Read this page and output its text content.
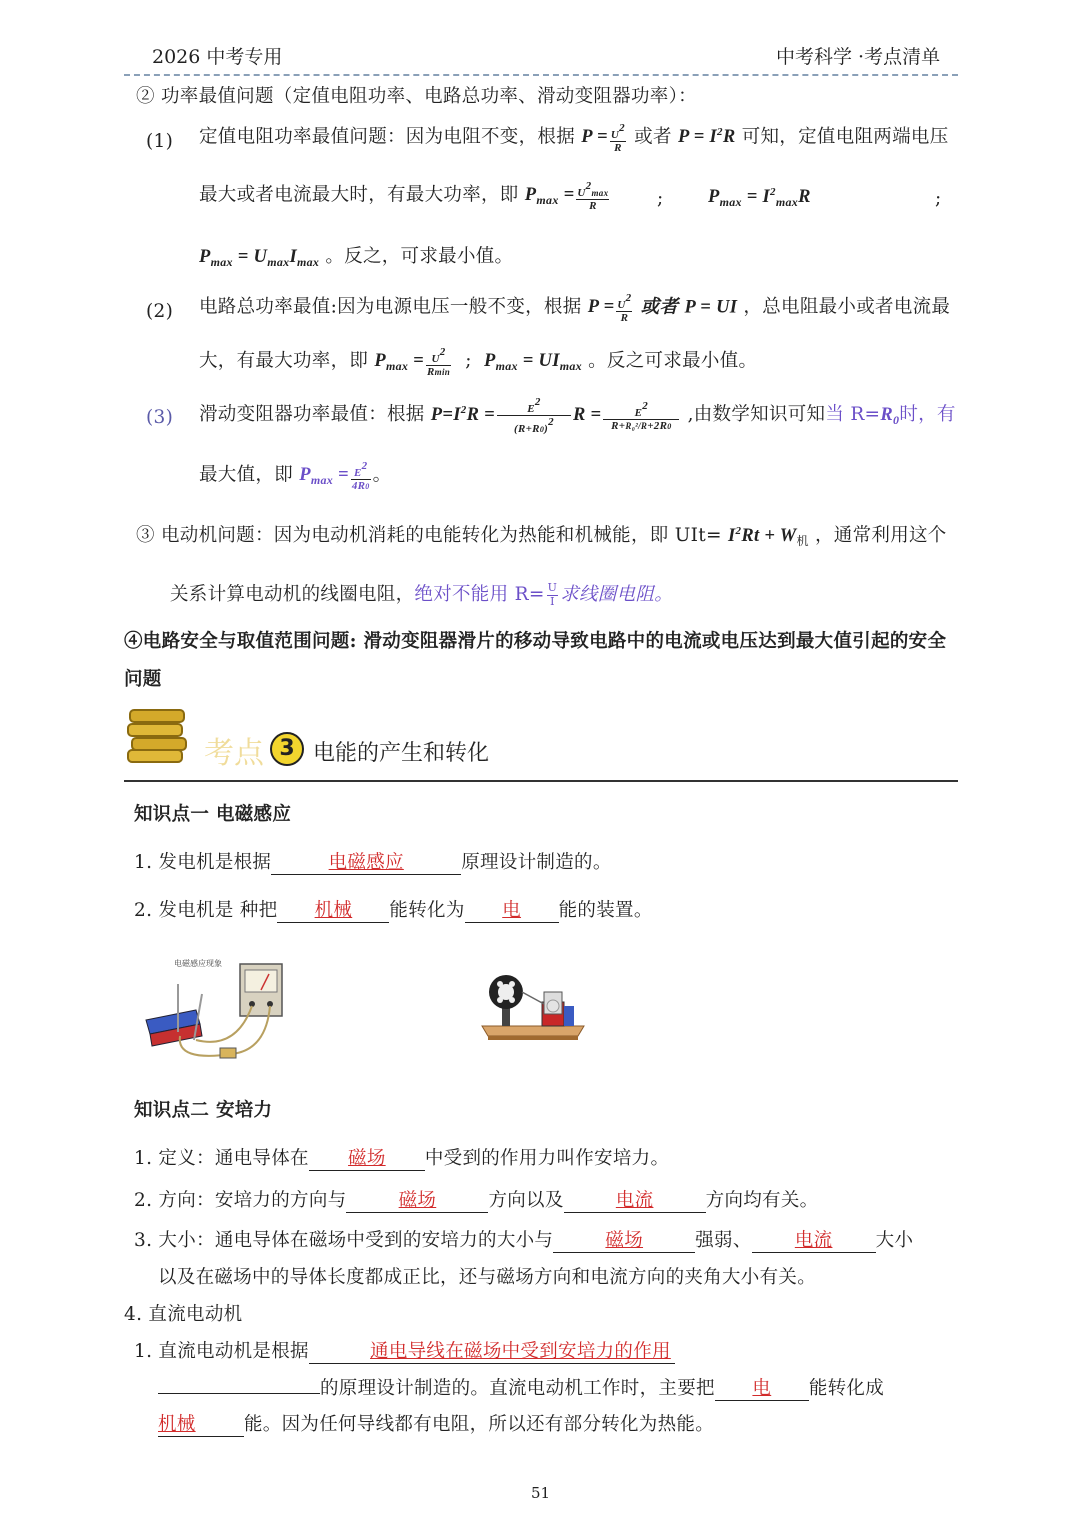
2026 中考专用	中考科学 ·考点清单
② 功率最值问题（定值电阻功率、电路总功率、滑动变阻器功率）：
(1) 定值电阻功率最值问题：因为电阻不变，根据 $P = \frac{U2}{R}$ 或者 $P = I^2R$ 可知，定值电阻两端电压
最大或者电流最大时，有最大功率，即 $P_{max} = \frac{U2\max}{R}$	; $P_{max} = I^2_{max}R$	;
$P_{max} = U_{max}I_{max}$ 。反之，可求最小值。
(2) 电路总功率最值:因为电源电压一般不变，根据 $P = \frac{U2}{R}$ 或者 P = UI ，总电阻最小或者电流最
大，有最大功率，即 $P_{max} = \frac{U2}{Rmin}$ ; $P_{max} = UI_{max}$ 。反之可求最小值。
(3) 滑动变阻器功率最值：根据 $P=I^2R = \frac{E2}{(R+R0)2}$ $R = \frac{E2}{\text{R+R₀²/R+2R0}}$ ,由数学知识可知当 $R=R_0$时，有
最大值，即 $P_{max} = \frac{E2}{4R0}$ 。
③ 电动机问题：因为电动机消耗的电能转化为热能和机械能，即 $UIt= I^2Rt + W_机$ ，通常利用这个
关系计算电动机的线圈电阻，绝对不能用 $R= \frac{U}{I}$ 求线圈电阻。
④电路安全与取值范围问题: 滑动变阻器滑片的移动导致电路中的电流或电压达到最大值引起的安全
问题
考点 3 电能的产生和转化
知识点一 电磁感应
1. 发电机是根据	电磁感应	原理设计制造的。
2. 发电机是 种把 机械 能转化为 电 能的装置。
电磁感应现象
知识点二 安培力
1. 定义：通电导体在 磁场 中受到的作用力叫作安培力。
2. 方向：安培力的方向与	磁场	方向以及	电流	方向均有关。
3. 大小：通电导体在磁场中受到的安培力的大小与	磁场	强弱、 电流 大小
以及在磁场中的导体长度都成正比，还与磁场方向和电流方向的夹角大小有关。
4. 直流电动机
1. 直流电动机是根据	通电导线在磁场中受到安培力的作用
的原理设计制造的。直流电动机工作时，主要把 电 能转化成
机械	能。因为任何导线都有电阻，所以还有部分转化为热能。
51
